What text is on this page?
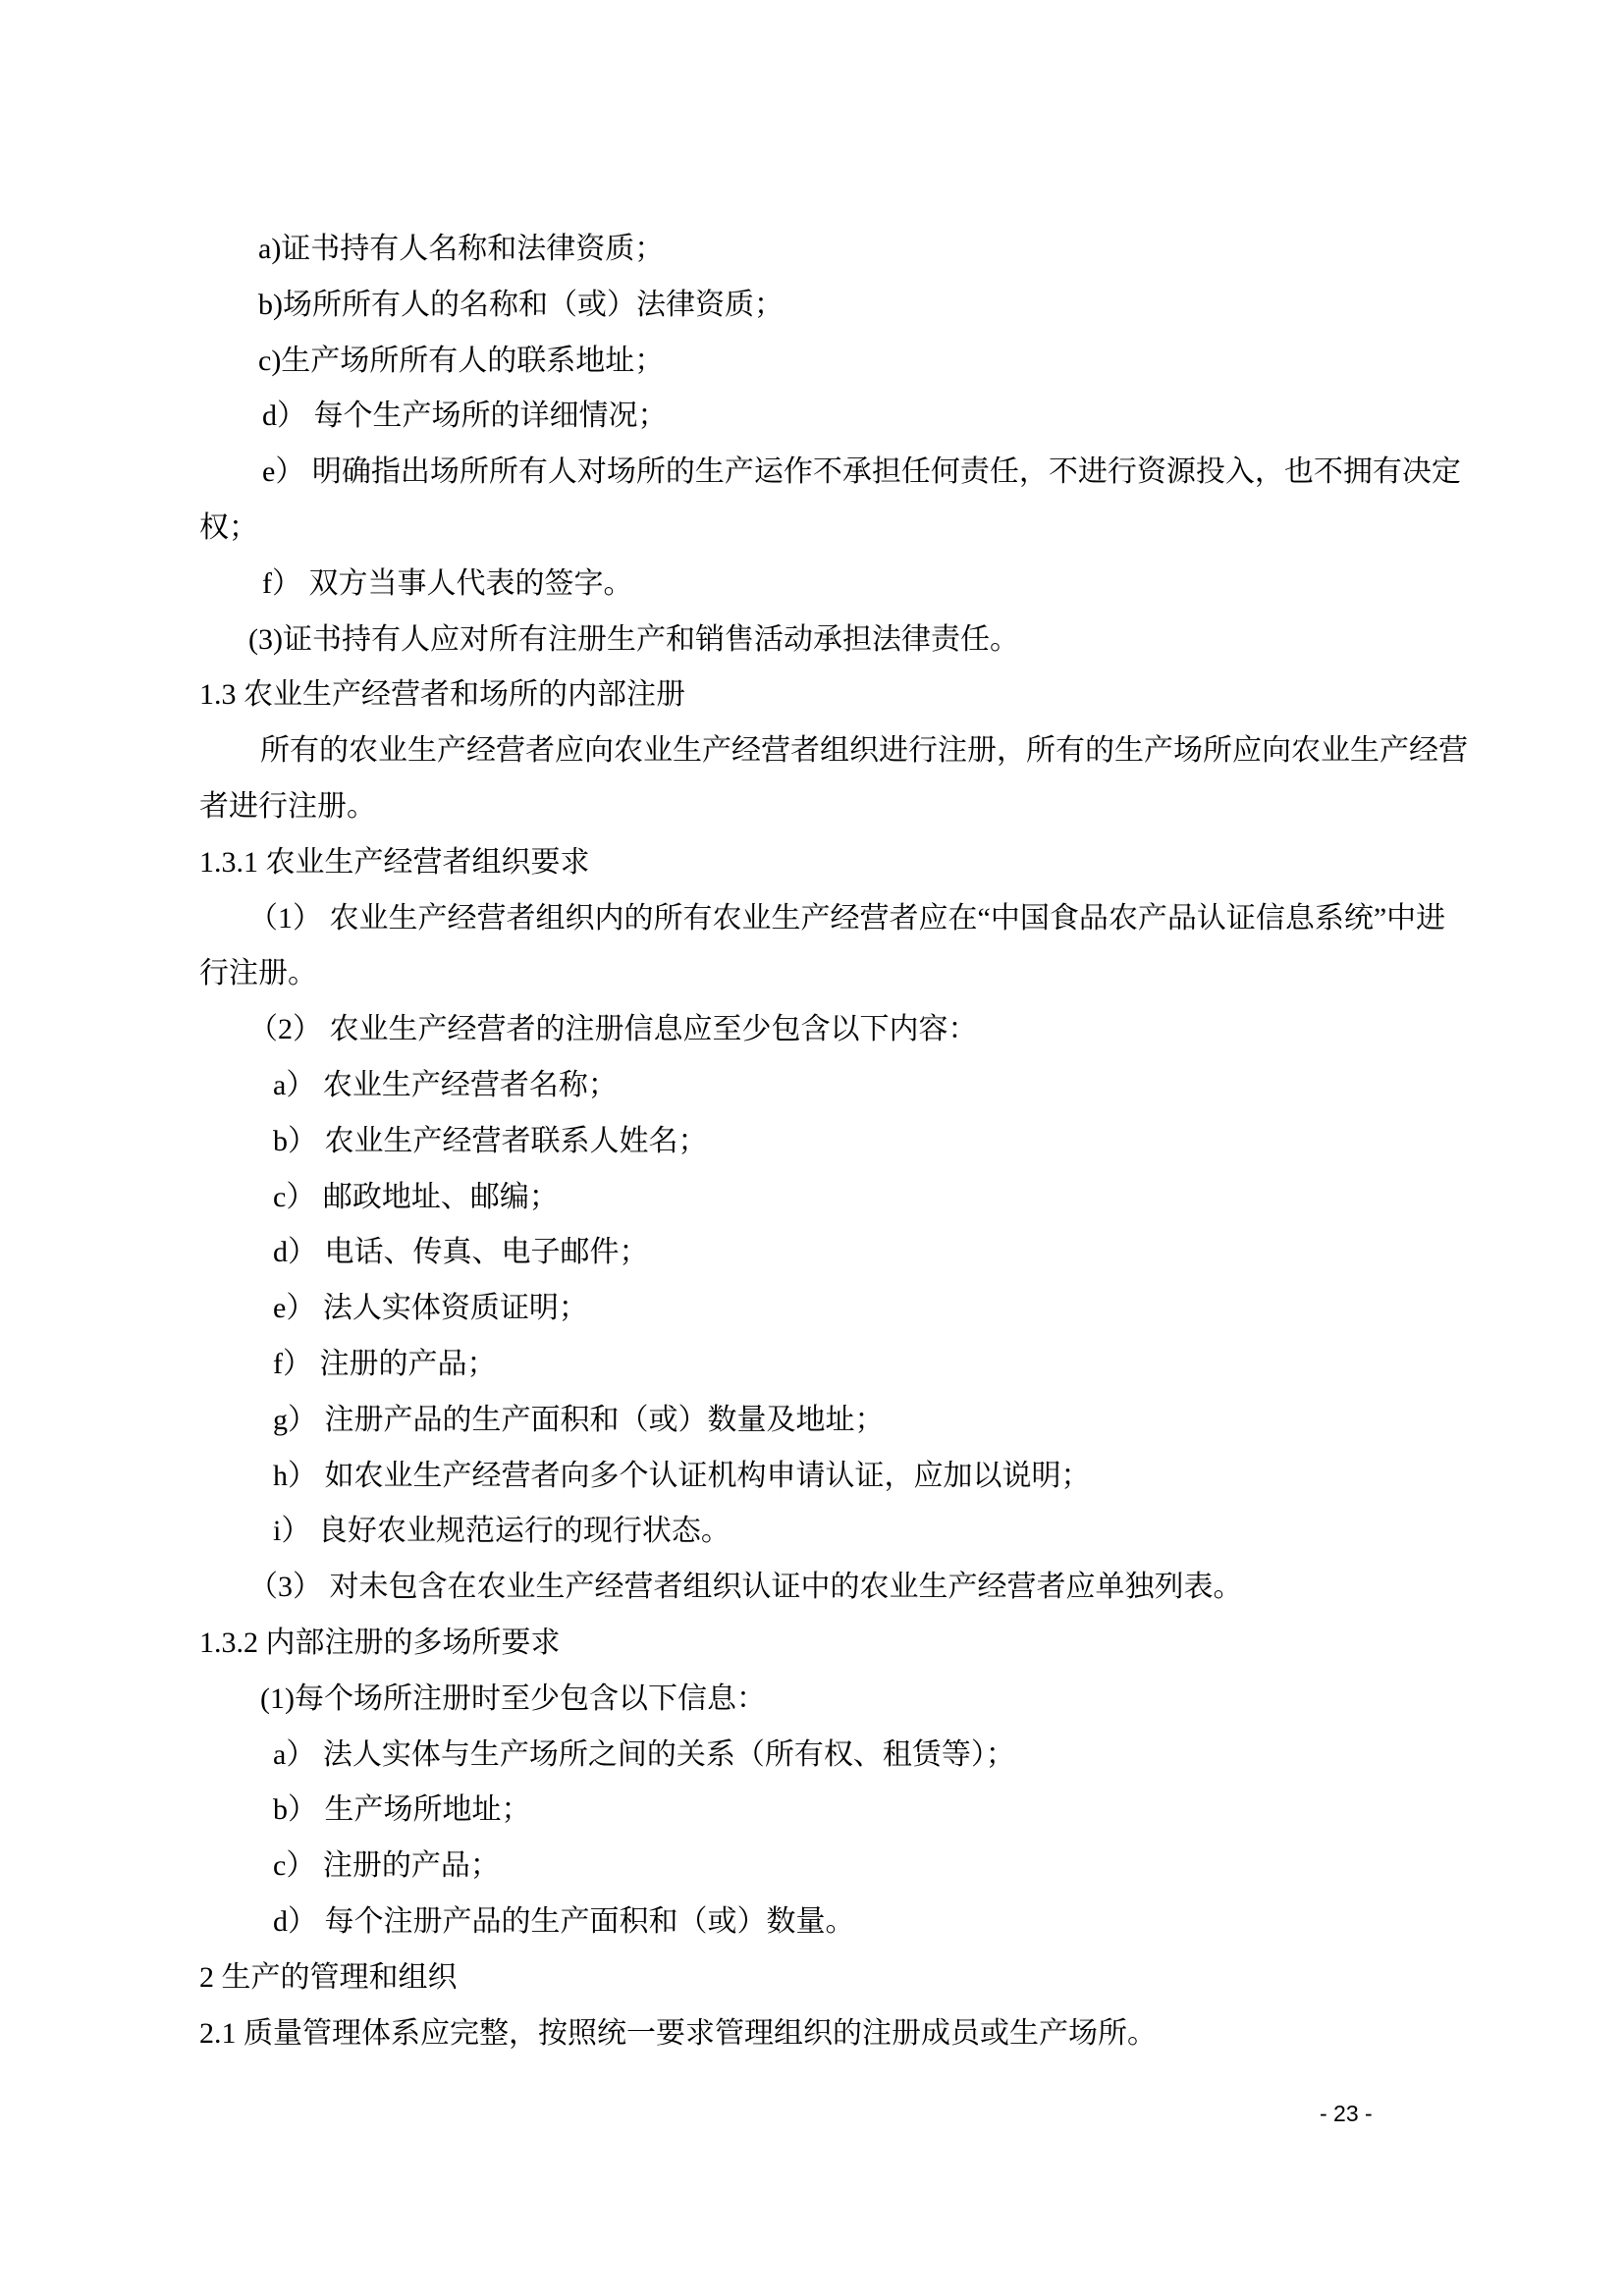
a)证书持有人名称和法律资质；
b)场所所有人的名称和（或）法律资质；
c)生产场所所有人的联系地址；
d） 每个生产场所的详细情况；
e） 明确指出场所所有人对场所的生产运作不承担任何责任，不进行资源投入，也不拥有决定
权；
f） 双方当事人代表的签字。
(3)证书持有人应对所有注册生产和销售活动承担法律责任。
1.3 农业生产经营者和场所的内部注册
所有的农业生产经营者应向农业生产经营者组织进行注册，所有的生产场所应向农业生产经营
者进行注册。
1.3.1 农业生产经营者组织要求
（1） 农业生产经营者组织内的所有农业生产经营者应在“中国食品农产品认证信息系统”中进
行注册。
（2） 农业生产经营者的注册信息应至少包含以下内容：
a） 农业生产经营者名称；
b） 农业生产经营者联系人姓名；
c） 邮政地址、邮编；
d） 电话、传真、电子邮件；
e） 法人实体资质证明；
f） 注册的产品；
g） 注册产品的生产面积和（或）数量及地址；
h） 如农业生产经营者向多个认证机构申请认证，应加以说明；
i） 良好农业规范运行的现行状态。
（3） 对未包含在农业生产经营者组织认证中的农业生产经营者应单独列表。
1.3.2 内部注册的多场所要求
(1)每个场所注册时至少包含以下信息：
a） 法人实体与生产场所之间的关系（所有权、租赁等）；
b） 生产场所地址；
c） 注册的产品；
d） 每个注册产品的生产面积和（或）数量。
2 生产的管理和组织
2.1 质量管理体系应完整，按照统一要求管理组织的注册成员或生产场所。
- 23 -
